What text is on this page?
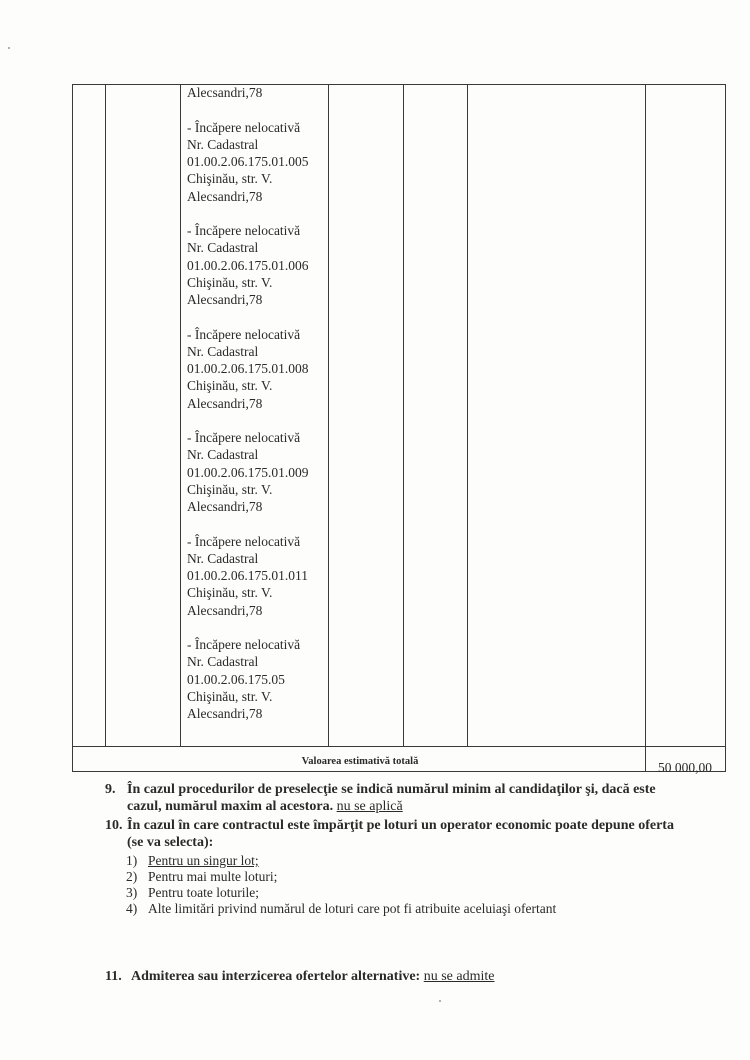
Alecsandri,78
- Încăpere nelocativă
Nr. Cadastral
01.00.2.06.175.01.005
Chişinău, str. V.
Alecsandri,78
- Încăpere nelocativă
Nr. Cadastral
01.00.2.06.175.01.006
Chişinău, str. V.
Alecsandri,78
- Încăpere nelocativă
Nr. Cadastral
01.00.2.06.175.01.008
Chişinău, str. V.
Alecsandri,78
- Încăpere nelocativă
Nr. Cadastral
01.00.2.06.175.01.009
Chişinău, str. V.
Alecsandri,78
- Încăpere nelocativă
Nr. Cadastral
01.00.2.06.175.01.011
Chişinău, str. V.
Alecsandri,78
- Încăpere nelocativă
Nr. Cadastral
01.00.2.06.175.05
Chişinău, str. V.
Alecsandri,78
Valoarea estimativă totală	50 000,00
9. În cazul procedurilor de preselecţie se indică numărul minim al candidaţilor şi, dacă este
cazul, numărul maxim al acestora. nu se aplică
10. În cazul în care contractul este împărţit pe loturi un operator economic poate depune oferta
(se va selecta):
1) Pentru un singur lot;
2) Pentru mai multe loturi;
3) Pentru toate loturile;
4) Alte limitări privind numărul de loturi care pot fi atribuite aceluiaşi ofertant
11. Admiterea sau interzicerea ofertelor alternative: nu se admite
